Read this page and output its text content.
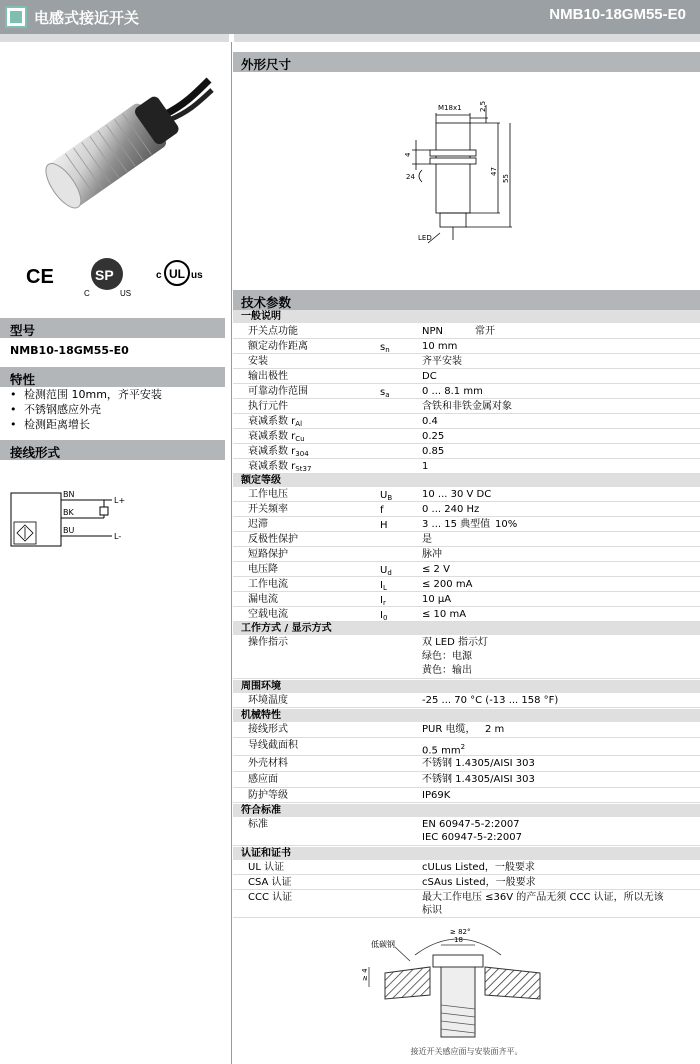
电感式接近开关	NMB10-18GM55-E0
CE	SP
C	US
c UL us
型号
NMB10-18GM55-E0
特性
• 检测范围 10mm，齐平安装
• 不锈钢感应外壳
• 检测距离增长
接线形式
BN
BK
BU
L+
L-
外形尺寸
M18x1 2,5
4
47
55
24
LED
技术参数
一般说明
开关点功能	NPN	常开
额定动作距离	$s_n$	10 mm
安装	齐平安装
输出极性	DC
可靠动作范围	$s_a$	0 ... 8.1 mm
执行元件	含铁和非铁金属对象
衰减系数 $r_{Al}$	0.4
衰减系数 $r_{Cu}$	0.25
衰减系数 $r_{304}$	0.85
衰减系数 $r_{St37}$	1
额定等级
工作电压	$U_B$	10 ... 30 V DC
开关频率	f	0 ... 240 Hz
迟滞	H	3 ... 15 典型值 10%
反极性保护	是
短路保护	脉冲
电压降	$U_d$	≤ 2 V
工作电流	$I_L$	≤ 200 mA
漏电流	$I_r$	10 µA
空载电流	$I_0$	≤ 10 mA
工作方式 / 显示方式
操作指示	双 LED 指示灯
绿色：电源
黄色：输出
周围环境
环境温度	-25 ... 70 °C (-13 ... 158 °F)
机械特性
接线形式	PUR 电缆， 2 m
导线截面积	0.5 $mm^2$
外壳材料	不锈钢 1.4305/AISI 303
感应面	不锈钢 1.4305/AISI 303
防护等级	IP69K
符合标准
标准	EN 60947-5-2:2007
IEC 60947-5-2:2007
认证和证书
UL 认证	cULus Listed，一般要求
CSA 认证	cSAus Listed，一般要求
CCC 认证	最大工作电压 ≤36V 的产品无须 CCC 认证，所以无该
标识
低碳钢
≥ 82°
18
≥ 4
接近开关感应面与安装面齐平。
